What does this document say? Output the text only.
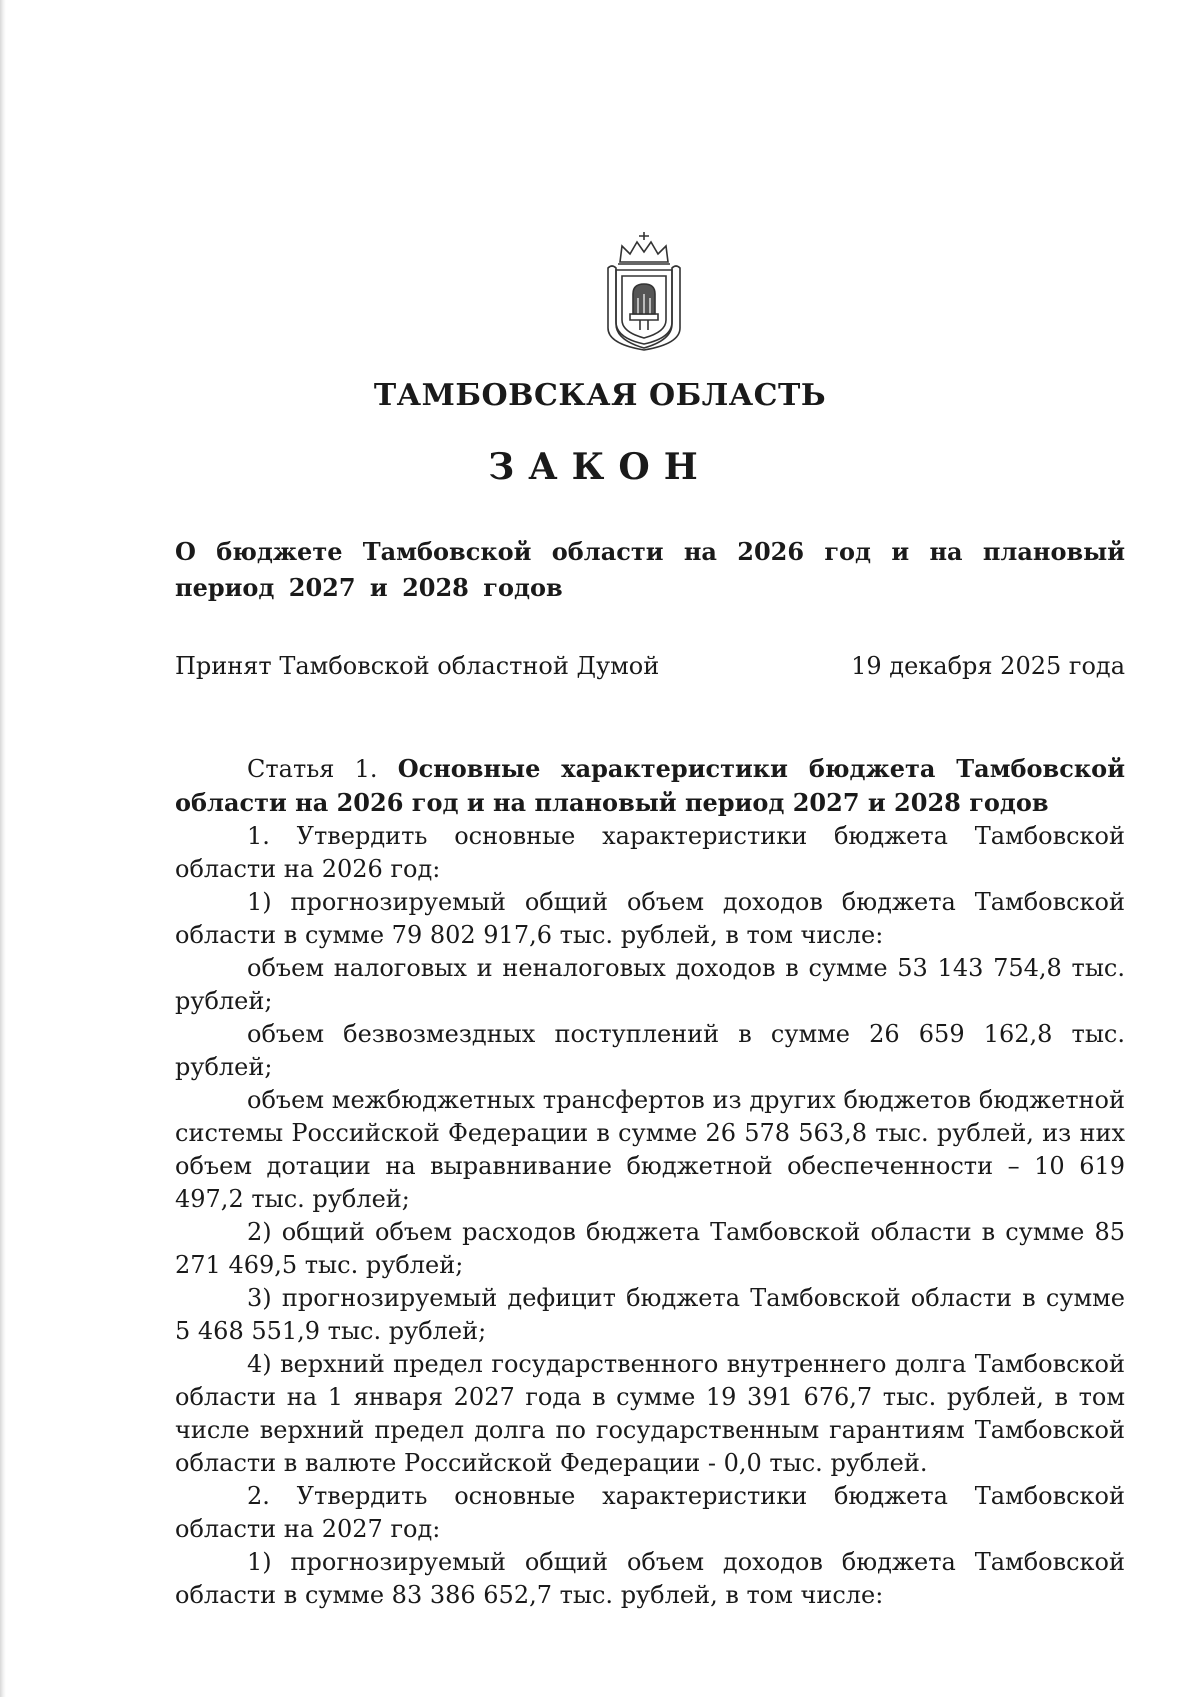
ТАМБОВСКАЯ ОБЛАСТЬ
ЗАКОН
О бюджете Тамбовской области на 2026 год и на плановый период 2027 и 2028 годов
Принят Тамбовской областной Думой	19 декабря 2025 года

Статья 1. Основные характеристики бюджета Тамбовской области на 2026 год и на плановый период 2027 и 2028 годов

1. Утвердить основные характеристики бюджета Тамбовской области на 2026 год:

1) прогнозируемый общий объем доходов бюджета Тамбовской области в сумме 79 802 917,6 тыс. рублей, в том числе:

объем налоговых и неналоговых доходов в сумме 53 143 754,8 тыс. рублей;

объем безвозмездных поступлений в сумме 26 659 162,8 тыс. рублей;

объем межбюджетных трансфертов из других бюджетов бюджетной системы Российской Федерации в сумме 26 578 563,8 тыс. рублей, из них объем дотации на выравнивание бюджетной обеспеченности – 10 619 497,2 тыс. рублей;

2) общий объем расходов бюджета Тамбовской области в сумме 85 271 469,5 тыс. рублей;

3) прогнозируемый дефицит бюджета Тамбовской области в сумме 5 468 551,9 тыс. рублей;

4) верхний предел государственного внутреннего долга Тамбовской области на 1 января 2027 года в сумме 19 391 676,7 тыс. рублей, в том числе верхний предел долга по государственным гарантиям Тамбовской области в валюте Российской Федерации - 0,0 тыс. рублей.

2. Утвердить основные характеристики бюджета Тамбовской области на 2027 год:

1) прогнозируемый общий объем доходов бюджета Тамбовской области в сумме 83 386 652,7 тыс. рублей, в том числе:
